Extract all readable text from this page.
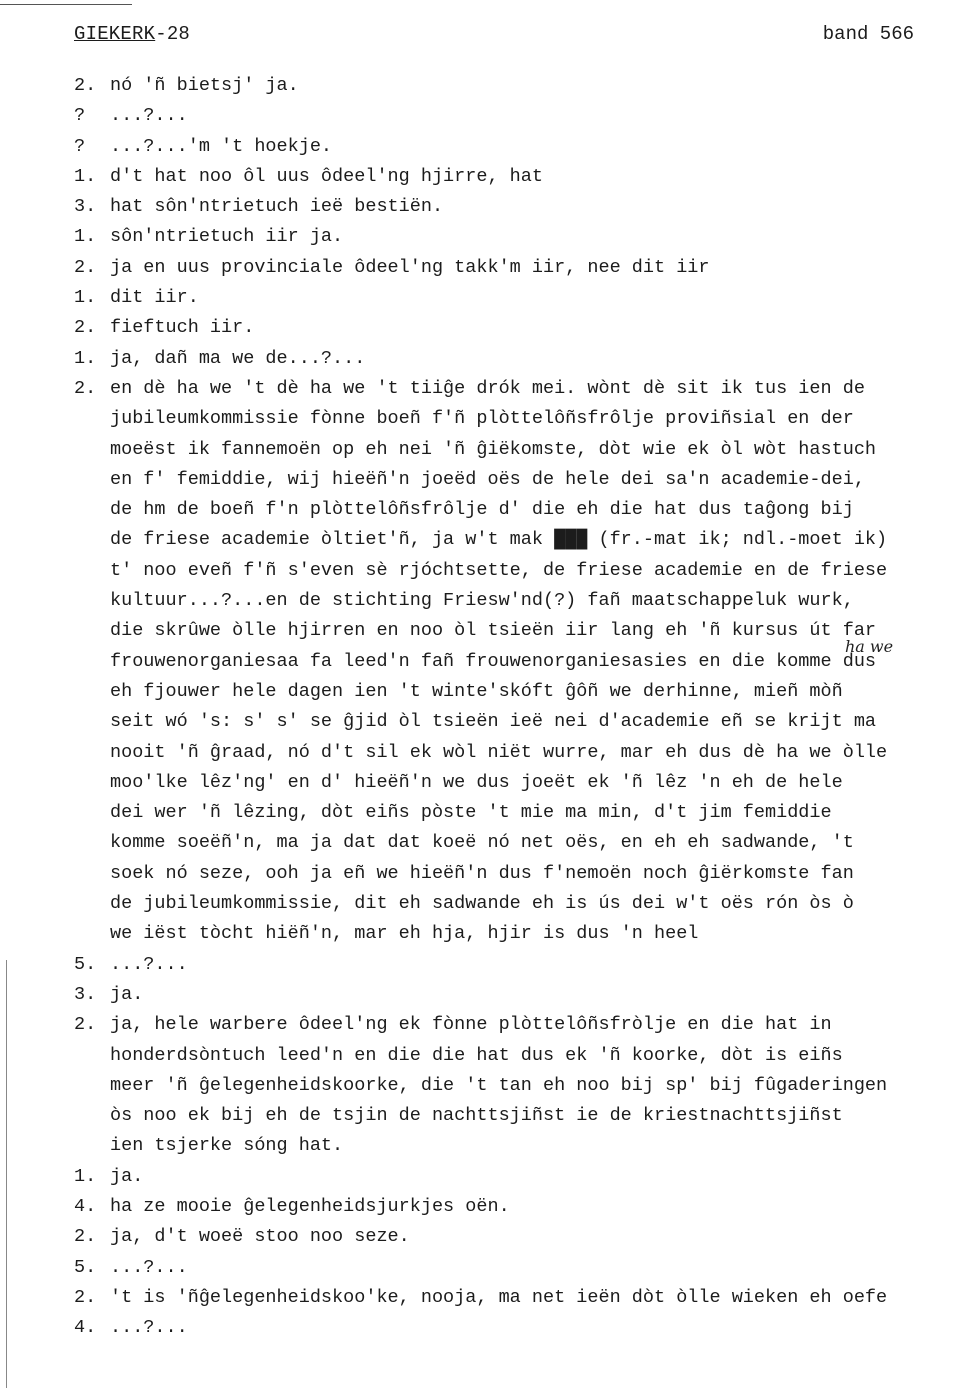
GIEKERK-28	band 566
2. nó 'ñ bietsj' ja.
?	...?...
?	...?...'m 't hoekje.
1. d't hat noo ôl uus ôdeel'ng hjirre, hat
3. hat sôn'ntrietuch ieë bestiën.
1. sôn'ntrietuch iir ja.
2. ja en uus provinciale ôdeel'ng takk'm iir, nee dit iir
1. dit iir.
2. fieftuch iir.
1. ja, dañ ma we de...?...
2. en dè ha we 't dè ha we 't tiiĝe drók mei. wònt dè sit ik tus ien de
jubileumkommissie fònne boeñ f'ñ plòttelôñsfrôlje proviñsial en der
moeëst ik fannemoën op eh nei 'ñ ĝiëkomste, dòt wie ek òl wòt hastuch
en f' femiddie, wij hieëñ'n joeëd oës de hele dei sa'n academie-dei,
de hm de boeñ f'n plòttelôñsfrôlje d' die eh die hat dus taĝong bij
de friese academie òltiet'ñ, ja w't mak ███ (fr.-mat ik; ndl.-moet ik)
t' noo eveñ f'ñ s'even sè rjóchtsette, de friese academie en de friese
kultuur...?...en de stichting Friesw'nd(?) fañ maatschappeluk wurk,
die skrûwe òlle hjirren en noo òl tsieën iir lang eh 'ñ kursus út far
frouwenorganiesaa fa leed'n fañ frouwenorganiesasies en die komme dus
eh fjouwer hele dagen ien 't winte'skóft ĝôñ we derhinne, mieñ mòñ
seit wó 's: s' s' se ĝjid òl tsieën ieë nei d'academie eñ se krijt ma
nooit 'ñ ĝraad, nó d't sil ek wòl niët wurre, mar eh dus dè ha we òlle
moo'lke lêz'ng' en d' hieëñ'n we dus joeët ek 'ñ lêz 'n eh de hele
dei wer 'ñ lêzing, dòt eiñs pòste 't mie ma min, d't jim femiddie
komme soeëñ'n, ma ja dat dat koeë nó net oës, en eh eh sadwande, 't
soek nó seze, ooh ja eñ we hieëñ'n dus f'nemoën noch ĝiërkomste fan
de jubileumkommissie, dit eh sadwande eh is ús dei w't oës rón òs ò
we iëst tòcht hiëñ'n, mar eh hja, hjir is dus 'n heel
5. ...?...
3. ja.
2. ja, hele warbere ôdeel'ng ek fònne plòttelôñsfròlje en die hat in
honderdsòntuch leed'n en die die hat dus ek 'ñ koorke, dòt is eiñs
meer 'ñ ĝelegenheidskoorke, die 't tan eh noo bij sp' bij fûgaderingen
òs noo ek bij eh de tsjin de nachttsjiñst ie de kriestnachttsjiñst
ien tsjerke sóng hat.
1. ja.
4. ha ze mooie ĝelegenheidsjurkjes oën.
2. ja, d't woeë stoo noo seze.
5. ...?...
2. 't is 'ñĝelegenheidskoo'ke, nooja, ma net ieën dòt òlle wieken eh oefe
4. ...?...
ha we
